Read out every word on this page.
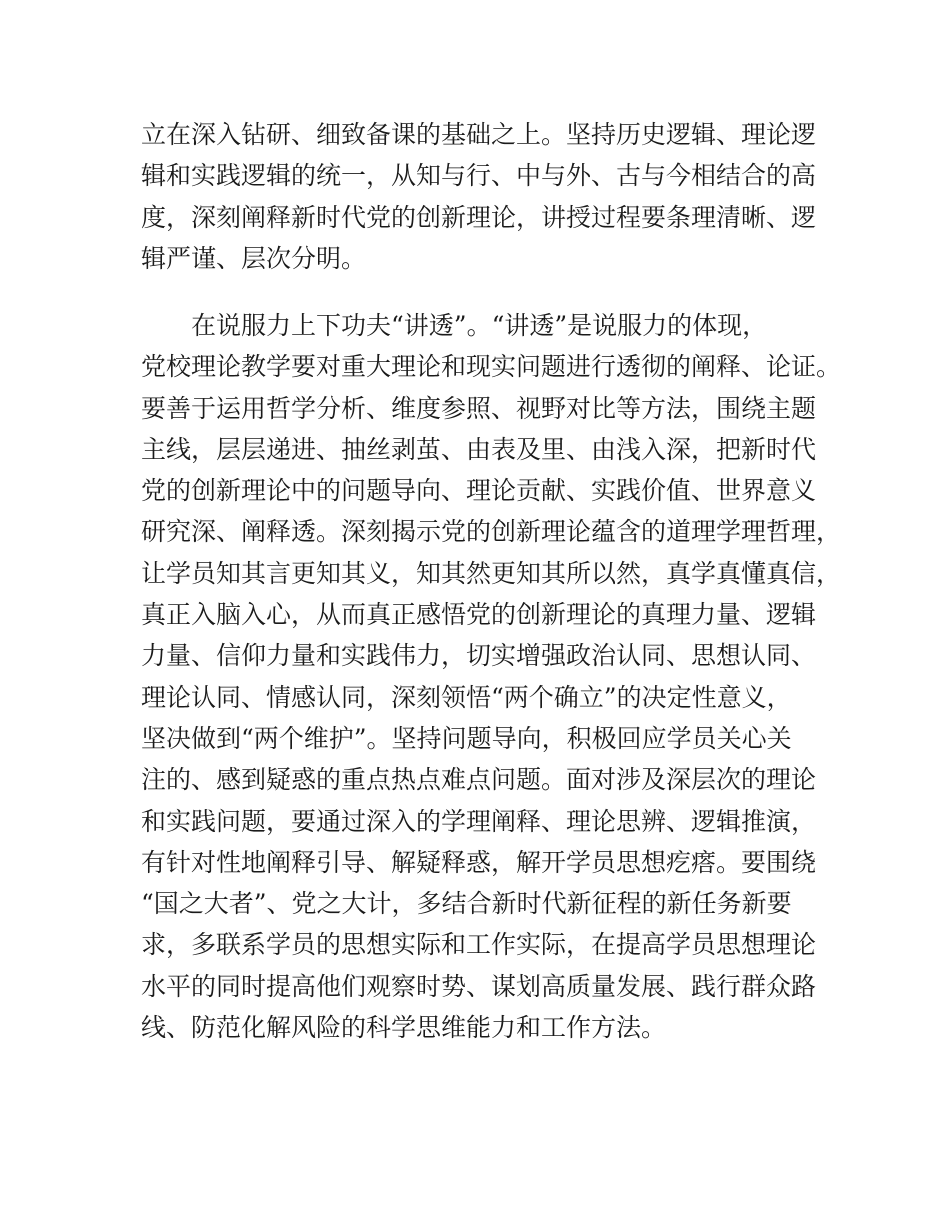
立在深入钻研、细致备课的基础之上。坚持历史逻辑、理论逻
辑和实践逻辑的统一，从知与行、中与外、古与今相结合的高
度，深刻阐释新时代党的创新理论，讲授过程要条理清晰、逻
辑严谨、层次分明。

　　在说服力上下功夫“讲透”。“讲透”是说服力的体现，
党校理论教学要对重大理论和现实问题进行透彻的阐释、论证。
要善于运用哲学分析、维度参照、视野对比等方法，围绕主题
主线，层层递进、抽丝剥茧、由表及里、由浅入深，把新时代
党的创新理论中的问题导向、理论贡献、实践价值、世界意义
研究深、阐释透。深刻揭示党的创新理论蕴含的道理学理哲理，
让学员知其言更知其义，知其然更知其所以然，真学真懂真信，
真正入脑入心，从而真正感悟党的创新理论的真理力量、逻辑
力量、信仰力量和实践伟力，切实增强政治认同、思想认同、
理论认同、情感认同，深刻领悟“两个确立”的决定性意义，
坚决做到“两个维护”。坚持问题导向，积极回应学员关心关
注的、感到疑惑的重点热点难点问题。面对涉及深层次的理论
和实践问题，要通过深入的学理阐释、理论思辨、逻辑推演，
有针对性地阐释引导、解疑释惑，解开学员思想疙瘩。要围绕
“国之大者”、党之大计，多结合新时代新征程的新任务新要
求，多联系学员的思想实际和工作实际，在提高学员思想理论
水平的同时提高他们观察时势、谋划高质量发展、践行群众路
线、防范化解风险的科学思维能力和工作方法。
